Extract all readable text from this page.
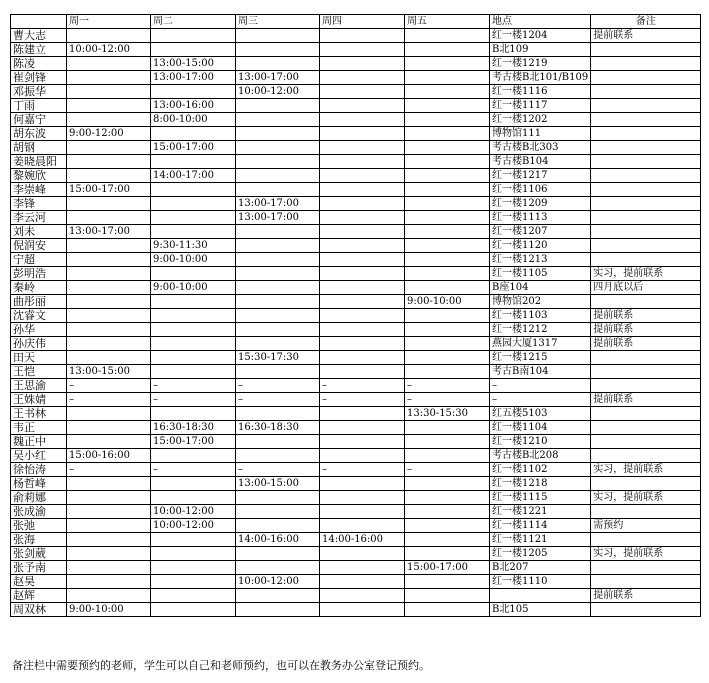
	周一	周二	周三	周四	周五	地点	备注
曹大志						红一楼1204	提前联系
陈建立	10:00-12:00					B北109	
陈凌		13:00-15:00				红一楼1219	
崔剑锋		13:00-17:00	13:00-17:00			考古楼B北101/B109	
邓振华			10:00-12:00			红一楼1116	
丁雨		13:00-16:00				红一楼1117	
何嘉宁		8:00-10:00				红一楼1202	
胡东波	9:00-12:00					博物馆111	
胡钢		15:00-17:00				考古楼B北303	
姜晓晨阳						考古楼B104	
黎婉欣		14:00-17:00				红一楼1217	
李崇峰	15:00-17:00					红一楼1106	
李锋			13:00-17:00			红一楼1209	
李云河			13:00-17:00			红一楼1113	
刘未	13:00-17:00					红一楼1207	
倪润安		9:30-11:30				红一楼1120	
宁超		9:00-10:00				红一楼1213	
彭明浩						红一楼1105	实习，提前联系
秦岭		9:00-10:00				B座104	四月底以后
曲彤丽					9:00-10:00	博物馆202	
沈睿文						红一楼1103	提前联系
孙华						红一楼1212	提前联系
孙庆伟						燕园大厦1317	提前联系
田天			15:30-17:30			红一楼1215	
王恺	13:00-15:00					考古B南104	
王思渝	–	–	–	–	–	–	
王姝婧	–	–	–	–	–	–	提前联系
王书林					13:30-15:30	红五楼5103	
韦正		16:30-18:30	16:30-18:30			红一楼1104	
魏正中		15:00-17:00				红一楼1210	
吴小红	15:00-16:00					考古楼B北208	
徐怡涛	–	–	–	–	–	红一楼1102	实习，提前联系
杨哲峰			13:00-15:00			红一楼1218	
俞莉娜						红一楼1115	实习，提前联系
张成渝		10:00-12:00				红一楼1221	
张弛		10:00-12:00				红一楼1114	需预约
张海			14:00-16:00	14:00-16:00		红一楼1121	
张剑葳						红一楼1205	实习，提前联系
张予南					15:00-17:00	B北207	
赵昊			10:00-12:00			红一楼1110	
赵辉							提前联系
周双林	9:00-10:00					B北105	
备注栏中需要预约的老师，学生可以自己和老师预约，也可以在教务办公室登记预约。
